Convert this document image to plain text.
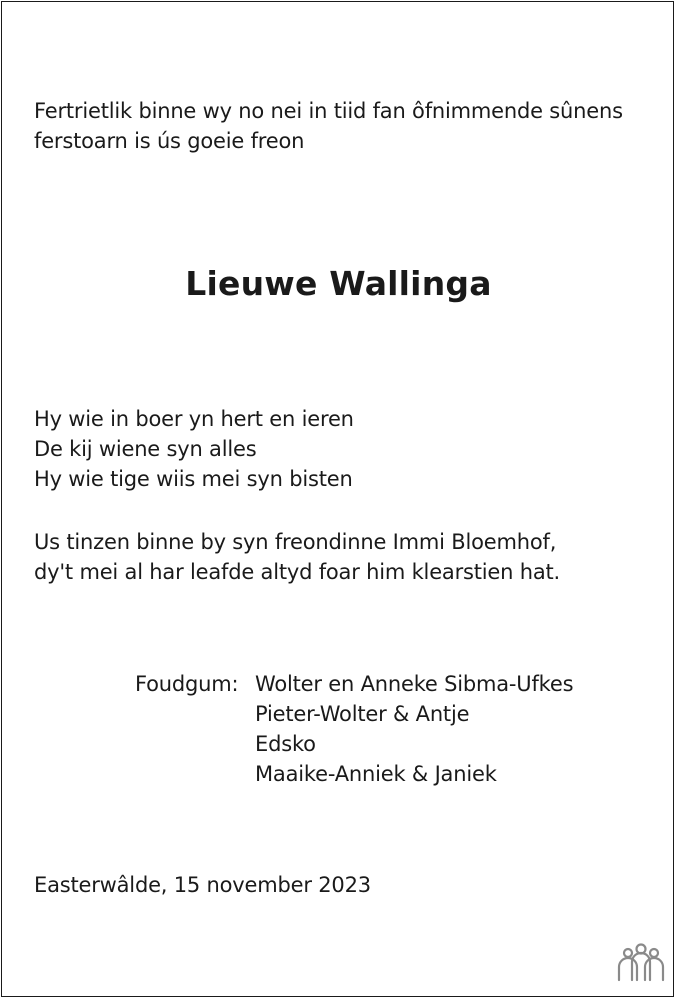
Fertrietlik binne wy no nei in tiid fan ôfnimmende sûnens
ferstoarn is ús goeie freon
Lieuwe Wallinga
Hy wie in boer yn hert en ieren
De kij wiene syn alles
Hy wie tige wiis mei syn bisten
Us tinzen binne by syn freondinne Immi Bloemhof,
dy't mei al har leafde altyd foar him klearstien hat.
Foudgum: Wolter en Anneke Sibma-Ufkes
Pieter-Wolter & Antje
Edsko
Maaike-Anniek & Janiek
Easterwâlde, 15 november 2023
